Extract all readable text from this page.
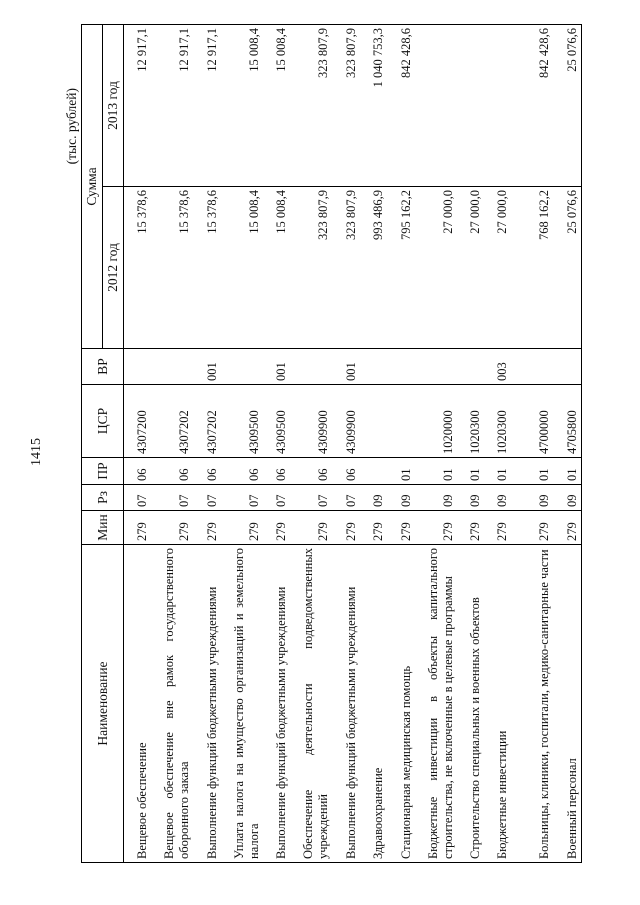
1415
(тыс. рублей)
Наименование	Мин	Рз	ПР	ЦСР	ВР	Сумма	
						2012 год	2013 год
Вещевое обеспечение	279	07	06	4307200		15 378,6	12 917,1
Вещевое обеспечение вне рамок государственного оборонного заказа	279	07	06	4307202		15 378,6	12 917,1
Выполнение функций бюджетными учреждениями	279	07	06	4307202	001	15 378,6	12 917,1
Уплата налога на имущество организаций и земельного налога	279	07	06	4309500		15 008,4	15 008,4
Выполнение функций бюджетными учреждениями	279	07	06	4309500	001	15 008,4	15 008,4
Обеспечение деятельности подведомственных учреждений	279	07	06	4309900		323 807,9	323 807,9
Выполнение функций бюджетными учреждениями	279	07	06	4309900	001	323 807,9	323 807,9
Здравоохранение	279	09				993 486,9	1 040 753,3
Стационарная медицинская помощь	279	09	01			795 162,2	842 428,6
Бюджетные инвестиции в объекты капитального строительства, не включенные в целевые программы	279	09	01	1020000		27 000,0	
Строительство специальных и военных объектов	279	09	01	1020300		27 000,0	
Бюджетные инвестиции	279	09	01	1020300	003	27 000,0	
Больницы, клиники, госпитали, медико-санитарные части	279	09	01	4700000		768 162,2	842 428,6
Военный персонал	279	09	01	4705800		25 076,6	25 076,6
